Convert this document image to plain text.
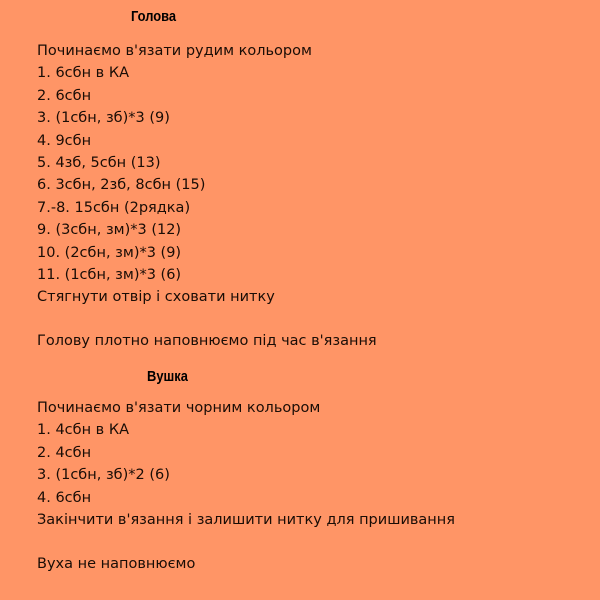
Голова
Починаємо в'язати рудим кольором
1. 6сбн в КА
2. 6сбн
3. (1сбн, зб)*3 (9)
4. 9сбн
5. 4зб, 5сбн (13)
6. 3сбн, 2зб, 8сбн (15)
7.-8. 15сбн (2рядка)
9. (3сбн, зм)*3 (12)
10. (2сбн, зм)*3 (9)
11. (1сбн, зм)*3 (6)
Стягнути отвір і сховати нитку

Голову плотно наповнюємо під час в'язання

Вушка
Починаємо в'язати чорним кольором
1. 4сбн в КА
2. 4сбн
3. (1сбн, зб)*2 (6)
4. 6сбн
Закінчити в'язання і залишити нитку для пришивання

Вуха не наповнюємо
